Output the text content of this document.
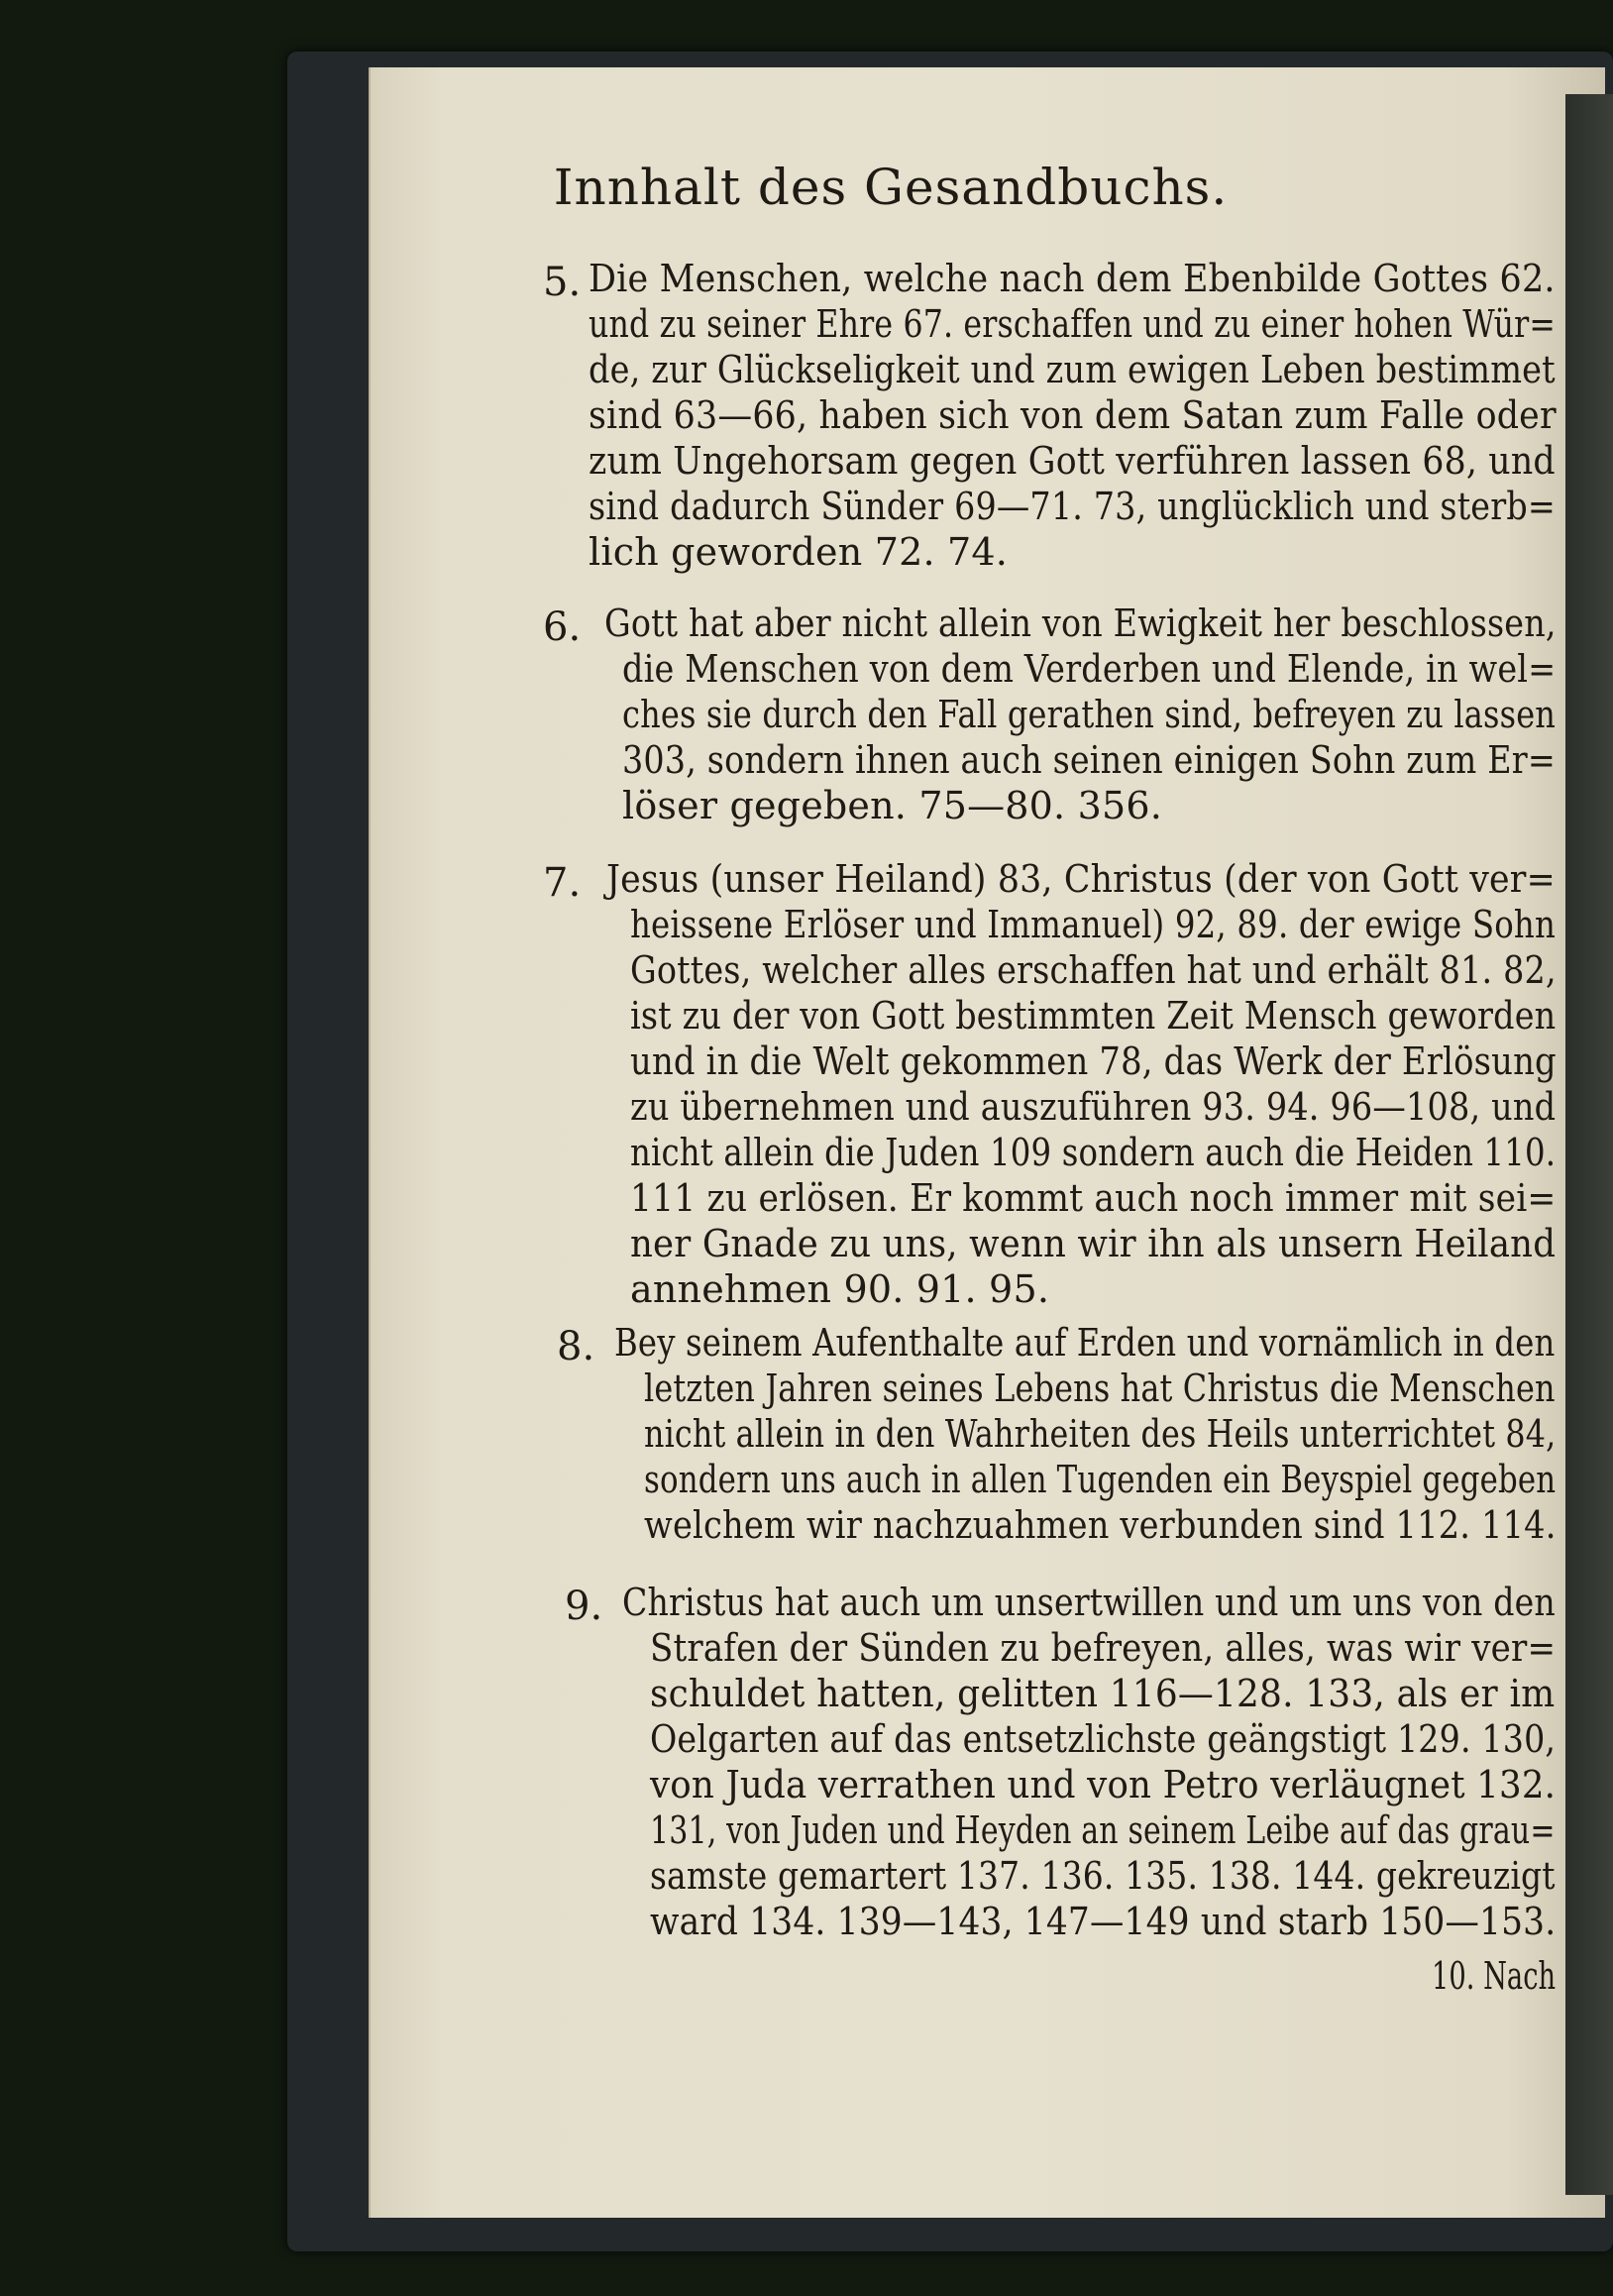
Innhalt des Gesandbuchs.
5. Die Menschen, welche nach dem Ebenbilde Gottes 62.
und zu seiner Ehre 67. erschaffen und zu einer hohen Wür=
de, zur Glückseligkeit und zum ewigen Leben bestimmet
sind 63—66, haben sich von dem Satan zum Falle oder
zum Ungehorsam gegen Gott verführen lassen 68, und
sind dadurch Sünder 69—71. 73, unglücklich und sterb=
lich geworden 72. 74.
6. Gott hat aber nicht allein von Ewigkeit her beschlossen,
die Menschen von dem Verderben und Elende, in wel=
ches sie durch den Fall gerathen sind, befreyen zu lassen
303, sondern ihnen auch seinen einigen Sohn zum Er=
löser gegeben. 75—80. 356.
7. Jesus (unser Heiland) 83, Christus (der von Gott ver=
heissene Erlöser und Immanuel) 92, 89. der ewige Sohn
Gottes, welcher alles erschaffen hat und erhält 81. 82,
ist zu der von Gott bestimmten Zeit Mensch geworden
und in die Welt gekommen 78, das Werk der Erlösung
zu übernehmen und auszuführen 93. 94. 96—108, und
nicht allein die Juden 109 sondern auch die Heiden 110.
111 zu erlösen. Er kommt auch noch immer mit sei=
ner Gnade zu uns, wenn wir ihn als unsern Heiland
annehmen 90. 91. 95.
8. Bey seinem Aufenthalte auf Erden und vornämlich in den
letzten Jahren seines Lebens hat Christus die Menschen
nicht allein in den Wahrheiten des Heils unterrichtet 84,
sondern uns auch in allen Tugenden ein Beyspiel gegeben
welchem wir nachzuahmen verbunden sind 112. 114.
9. Christus hat auch um unsertwillen und um uns von den
Strafen der Sünden zu befreyen, alles, was wir ver=
schuldet hatten, gelitten 116—128. 133, als er im
Oelgarten auf das entsetzlichste geängstigt 129. 130,
von Juda verrathen und von Petro verläugnet 132.
131, von Juden und Heyden an seinem Leibe auf das grau=
samste gemartert 137. 136. 135. 138. 144. gekreuzigt
ward 134. 139—143, 147—149 und starb 150—153.
10. Nach
